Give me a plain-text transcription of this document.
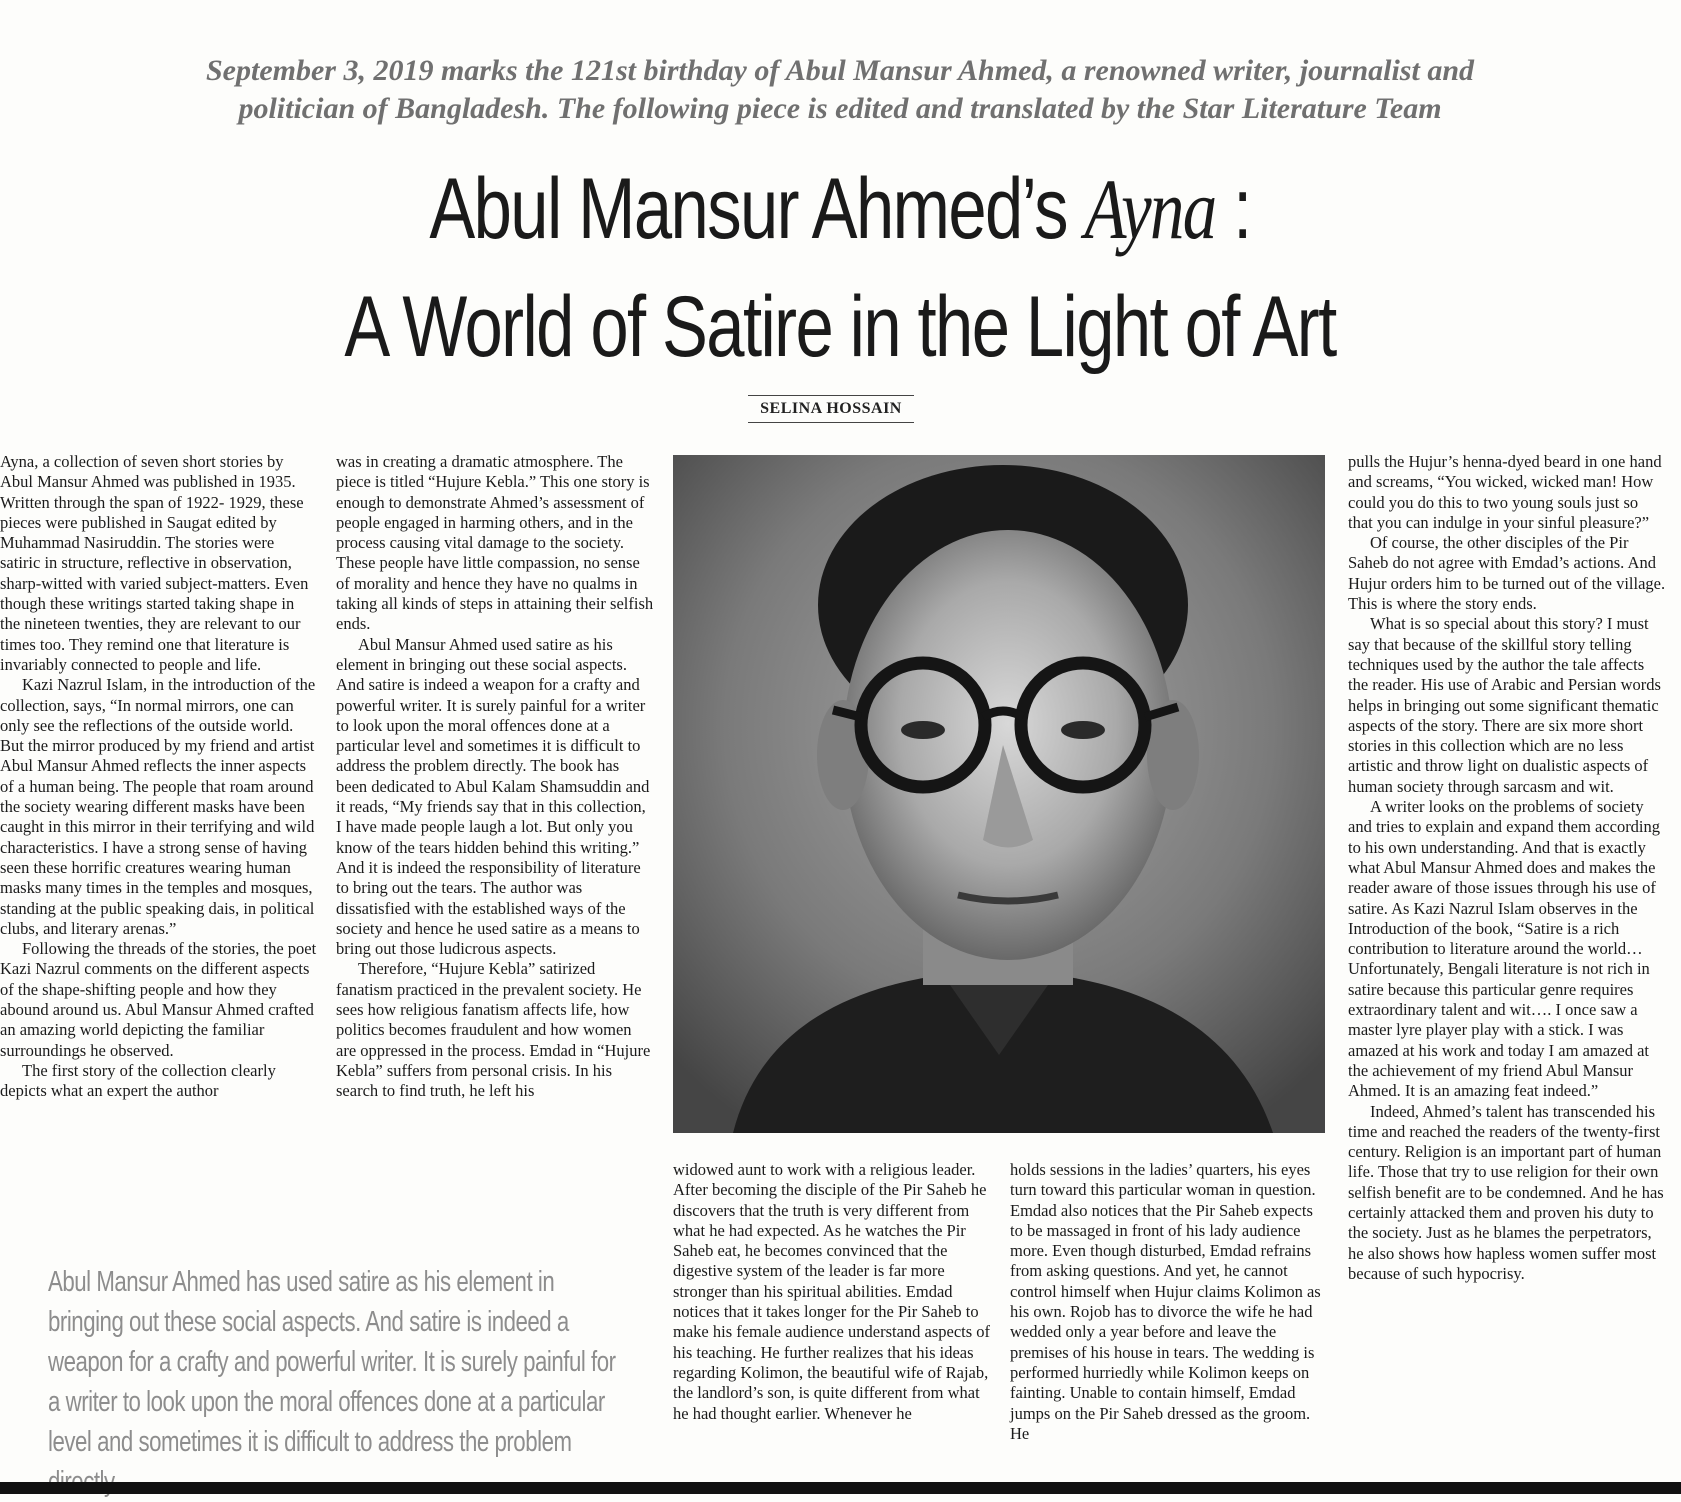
September 3, 2019 marks the 121st birthday of Abul Mansur Ahmed, a renowned writer, journalist and
politician of Bangladesh. The following piece is edited and translated by the Star Literature Team
Abul Mansur Ahmed’s Ayna :
A World of Satire in the Light of Art
SELINA HOSSAIN

Ayna, a collection of seven short stories by Abul Mansur Ahmed was published in 1935. Written through the span of 1922- 1929, these pieces were published in Saugat edited by Muhammad Nasiruddin. The stories were satiric in structure, reflective in observation, sharp-witted with varied subject-matters. Even though these writings started taking shape in the nineteen twenties, they are relevant to our times too. They remind one that literature is invariably connected to people and life.

Kazi Nazrul Islam, in the introduction of the collection, says, “In normal mirrors, one can only see the reflections of the outside world. But the mirror produced by my friend and artist Abul Mansur Ahmed reflects the inner aspects of a human being. The people that roam around the society wearing different masks have been caught in this mirror in their terrifying and wild characteristics. I have a strong sense of having seen these horrific creatures wearing human masks many times in the temples and mosques, standing at the public speaking dais, in political clubs, and literary arenas.”

Following the threads of the stories, the poet Kazi Nazrul comments on the different aspects of the shape-shifting people and how they abound around us. Abul Mansur Ahmed crafted an amazing world depicting the familiar surroundings he observed.

The first story of the collection clearly depicts what an expert the author

was in creating a dramatic atmosphere. The piece is titled “Hujure Kebla.” This one story is enough to demonstrate Ahmed’s assessment of people engaged in harming others, and in the process causing vital damage to the society. These people have little compassion, no sense of morality and hence they have no qualms in taking all kinds of steps in attaining their selfish ends.

Abul Mansur Ahmed used satire as his element in bringing out these social aspects. And satire is indeed a weapon for a crafty and powerful writer. It is surely painful for a writer to look upon the moral offences done at a particular level and sometimes it is difficult to address the problem directly. The book has been dedicated to Abul Kalam Shamsuddin and it reads, “My friends say that in this collection, I have made people laugh a lot. But only you know of the tears hidden behind this writing.” And it is indeed the responsibility of literature to bring out the tears. The author was dissatisfied with the established ways of the society and hence he used satire as a means to bring out those ludicrous aspects.

Therefore, “Hujure Kebla” satirized fanatism practiced in the prevalent society. He sees how religious fanatism affects life, how politics becomes fraudulent and how women are oppressed in the process. Emdad in “Hujure Kebla” suffers from personal crisis. In his search to find truth, he left his

widowed aunt to work with a religious leader. After becoming the disciple of the Pir Saheb he discovers that the truth is very different from what he had expected. As he watches the Pir Saheb eat, he becomes convinced that the digestive system of the leader is far more stronger than his spiritual abilities. Emdad notices that it takes longer for the Pir Saheb to make his female audience understand aspects of his teaching. He further realizes that his ideas regarding Kolimon, the beautiful wife of Rajab, the landlord’s son, is quite different from what he had thought earlier. Whenever he

holds sessions in the ladies’ quarters, his eyes turn toward this particular woman in question. Emdad also notices that the Pir Saheb expects to be massaged in front of his lady audience more. Even though disturbed, Emdad refrains from asking questions. And yet, he cannot control himself when Hujur claims Kolimon as his own. Rojob has to divorce the wife he had wedded only a year before and leave the premises of his house in tears. The wedding is performed hurriedly while Kolimon keeps on fainting. Unable to contain himself, Emdad jumps on the Pir Saheb dressed as the groom. He

pulls the Hujur’s henna-dyed beard in one hand and screams, “You wicked, wicked man! How could you do this to two young souls just so that you can indulge in your sinful pleasure?”

Of course, the other disciples of the Pir Saheb do not agree with Emdad’s actions. And Hujur orders him to be turned out of the village. This is where the story ends.

What is so special about this story? I must say that because of the skillful story telling techniques used by the author the tale affects the reader. His use of Arabic and Persian words helps in bringing out some significant thematic aspects of the story. There are six more short stories in this collection which are no less artistic and throw light on dualistic aspects of human society through sarcasm and wit.

A writer looks on the problems of society and tries to explain and expand them according to his own understanding. And that is exactly what Abul Mansur Ahmed does and makes the reader aware of those issues through his use of satire. As Kazi Nazrul Islam observes in the Introduction of the book, “Satire is a rich contribution to literature around the world… Unfortunately, Bengali literature is not rich in satire because this particular genre requires extraordinary talent and wit…. I once saw a master lyre player play with a stick. I was amazed at his work and today I am amazed at the achievement of my friend Abul Mansur Ahmed. It is an amazing feat indeed.”

Indeed, Ahmed’s talent has transcended his time and reached the readers of the twenty-first century. Religion is an important part of human life. Those that try to use religion for their own selfish benefit are to be condemned. And he has certainly attacked them and proven his duty to the society. Just as he blames the perpetrators, he also shows how hapless women suffer most because of such hypocrisy.

Abul Mansur Ahmed has used satire as his element in bringing out these social aspects. And satire is indeed a weapon for a crafty and powerful writer. It is surely painful for a writer to look upon the moral offences done at a particular level and sometimes it is difficult to address the problem
